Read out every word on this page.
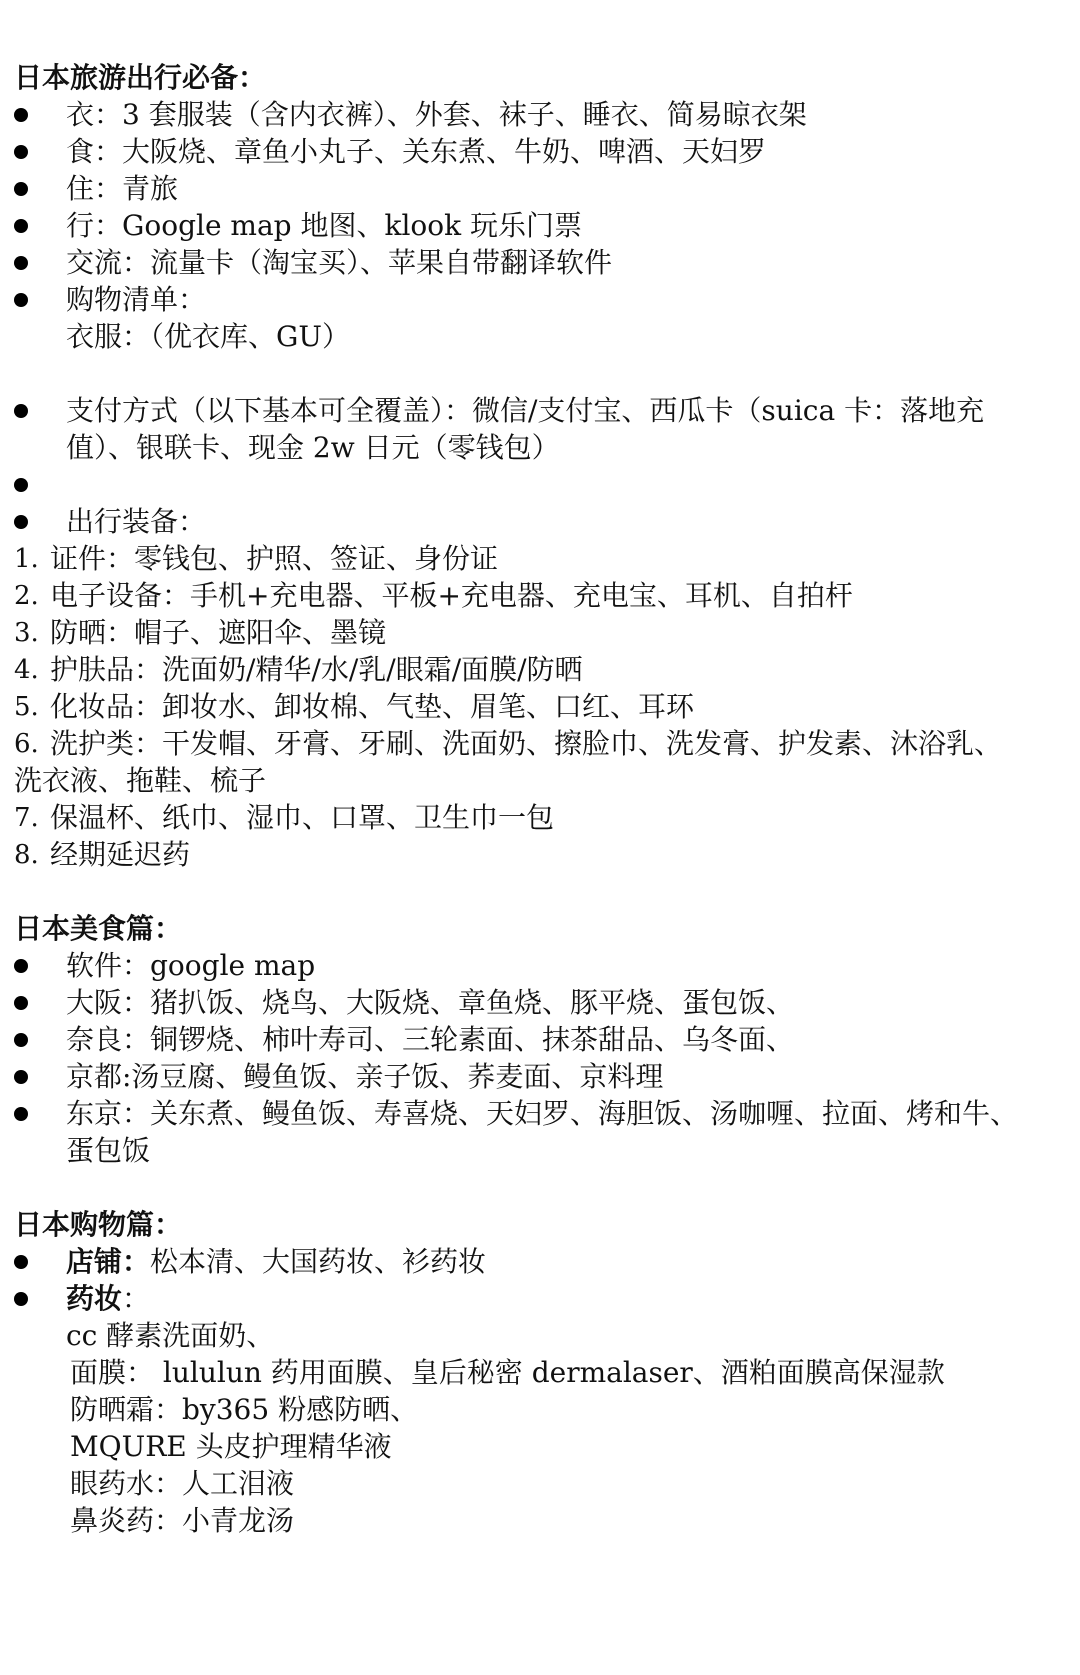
日本旅游出行必备：
衣：3 套服装（含内衣裤）、外套、袜子、睡衣、简易晾衣架
食：大阪烧、章鱼小丸子、关东煮、牛奶、啤酒、天妇罗
住：青旅
行：Google map 地图、klook 玩乐门票
交流：流量卡（淘宝买）、苹果自带翻译软件
购物清单：
衣服：（优衣库、GU）
支付方式（以下基本可全覆盖）：微信/支付宝、西瓜卡（suica 卡：落地充
值）、银联卡、现金 2w 日元（零钱包）
出行装备：
1. 证件：零钱包、护照、签证、身份证
2. 电子设备：手机+充电器、平板+充电器、充电宝、耳机、自拍杆
3. 防晒：帽子、遮阳伞、墨镜
4. 护肤品：洗面奶/精华/水/乳/眼霜/面膜/防晒
5. 化妆品：卸妆水、卸妆棉、气垫、眉笔、口红、耳环
6. 洗护类：干发帽、牙膏、牙刷、洗面奶、擦脸巾、洗发膏、护发素、沐浴乳、
洗衣液、拖鞋、梳子
7. 保温杯、纸巾、湿巾、口罩、卫生巾一包
8. 经期延迟药
日本美食篇：
软件：google map
大阪：猪扒饭、烧鸟、大阪烧、章鱼烧、豚平烧、蛋包饭、
奈良：铜锣烧、柿叶寿司、三轮素面、抹茶甜品、乌冬面、
京都:汤豆腐、鳗鱼饭、亲子饭、荞麦面、京料理
东京：关东煮、鳗鱼饭、寿喜烧、天妇罗、海胆饭、汤咖喱、拉面、烤和牛、
蛋包饭
日本购物篇：
店铺：松本清、大国药妆、衫药妆
药妆：
cc 酵素洗面奶、
面膜： lululun 药用面膜、皇后秘密 dermalaser、酒粕面膜高保湿款
防晒霜：by365 粉感防晒、
MQURE 头皮护理精华液
眼药水：人工泪液
鼻炎药：小青龙汤
